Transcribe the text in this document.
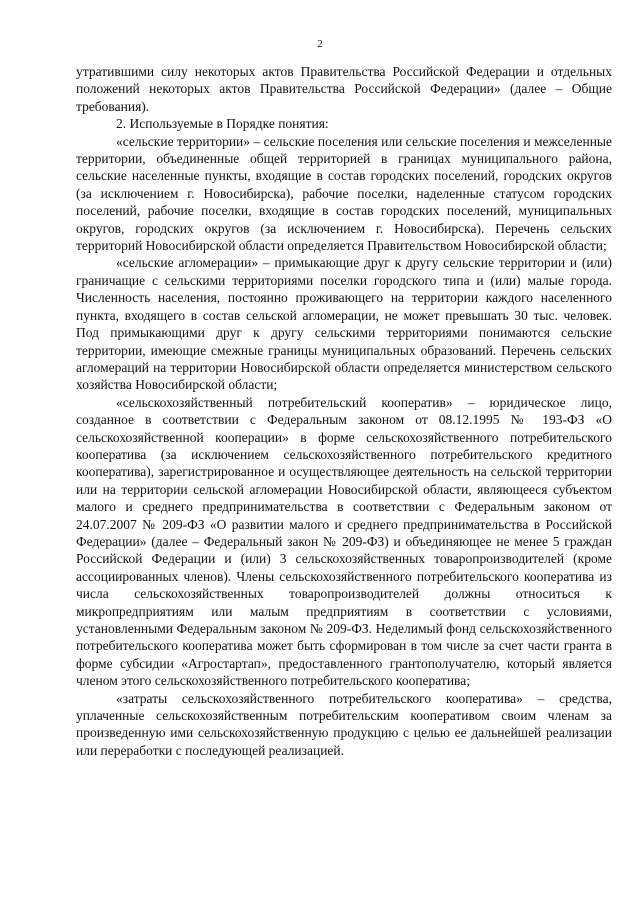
2

утратившими силу некоторых актов Правительства Российской Федерации и отдельных положений некоторых актов Правительства Российской Федерации» (далее – Общие требования).

2. Используемые в Порядке понятия:

«сельские территории» – сельские поселения или сельские поселения и межселенные территории, объединенные общей территорией в границах муниципального района, сельские населенные пункты, входящие в состав городских поселений, городских округов (за исключением г. Новосибирска), рабочие поселки, наделенные статусом городских поселений, рабочие поселки, входящие в состав городских поселений, муниципальных округов, городских округов (за исключением г. Новосибирска). Перечень сельских территорий Новосибирской области определяется Правительством Новосибирской области;

«сельские агломерации» – примыкающие друг к другу сельские территории и (или) граничащие с сельскими территориями поселки городского типа и (или) малые города. Численность населения, постоянно проживающего на территории каждого населенного пункта, входящего в состав сельской агломерации, не может превышать 30 тыс. человек. Под примыкающими друг к другу сельскими территориями понимаются сельские территории, имеющие смежные границы муниципальных образований. Перечень сельских агломераций на территории Новосибирской области определяется министерством сельского хозяйства Новосибирской области;

«сельскохозяйственный потребительский кооператив» – юридическое лицо, созданное в соответствии с Федеральным законом от 08.12.1995 № 193-ФЗ «О сельскохозяйственной кооперации» в форме сельскохозяйственного потребительского кооператива (за исключением сельскохозяйственного потребительского кредитного кооператива), зарегистрированное и осуществляющее деятельность на сельской территории или на территории сельской агломерации Новосибирской области, являющееся субъектом малого и среднего предпринимательства в соответствии с Федеральным законом от 24.07.2007 № 209-ФЗ «О развитии малого и среднего предпринимательства в Российской Федерации» (далее – Федеральный закон № 209-ФЗ) и объединяющее не менее 5 граждан Российской Федерации и (или) 3 сельскохозяйственных товаропроизводителей (кроме ассоциированных членов). Члены сельскохозяйственного потребительского кооператива из числа сельскохозяйственных товаропроизводителей должны относиться к микропредприятиям или малым предприятиям в соответствии с условиями, установленными Федеральным законом № 209-ФЗ. Неделимый фонд сельскохозяйственного потребительского кооператива может быть сформирован в том числе за счет части гранта в форме субсидии «Агростартап», предоставленного грантополучателю, который является членом этого сельскохозяйственного потребительского кооператива;

«затраты сельскохозяйственного потребительского кооператива» – средства, уплаченные сельскохозяйственным потребительским кооперативом своим членам за произведенную ими сельскохозяйственную продукцию с целью ее дальнейшей реализации или переработки с последующей реализацией.
